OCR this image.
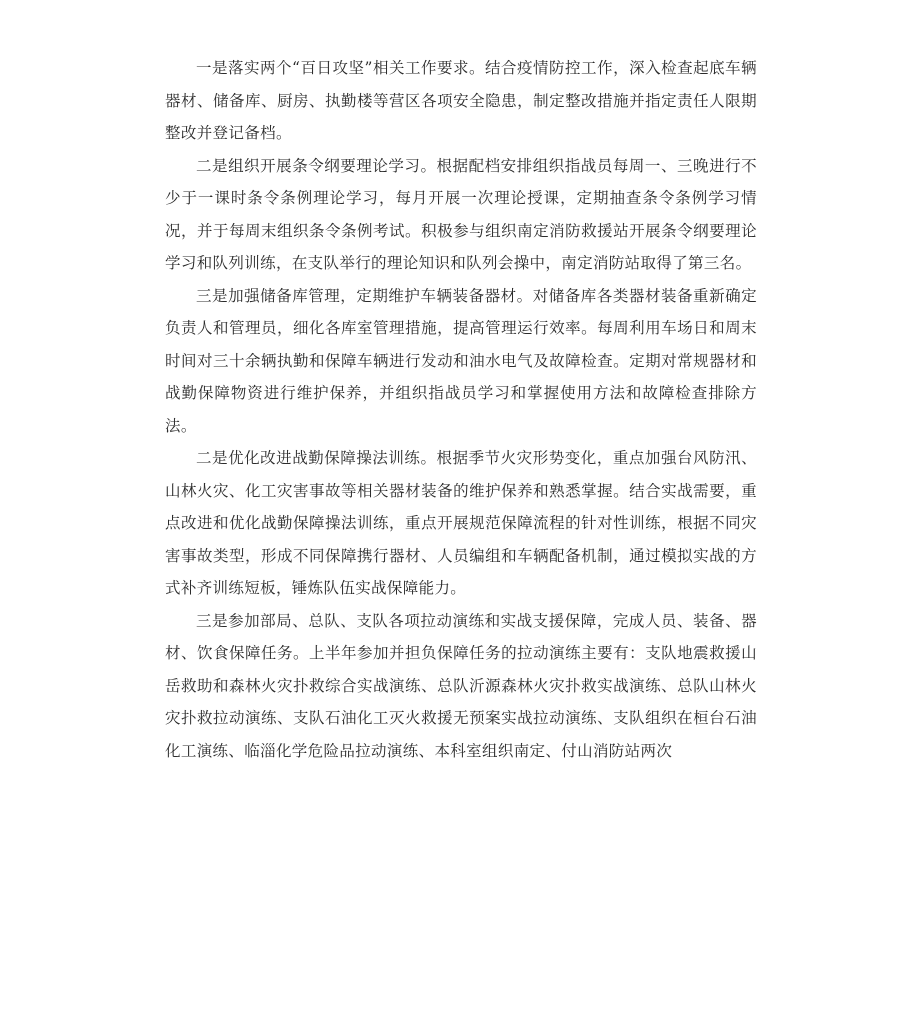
一是落实两个“百日攻坚”相关工作要求。结合疫情防控工作，深入检查起底车辆器材、储备库、厨房、执勤楼等营区各项安全隐患，制定整改措施并指定责任人限期整改并登记备档。

二是组织开展条令纲要理论学习。根据配档安排组织指战员每周一、三晚进行不少于一课时条令条例理论学习，每月开展一次理论授课，定期抽查条令条例学习情况，并于每周末组织条令条例考试。积极参与组织南定消防救援站开展条令纲要理论学习和队列训练，在支队举行的理论知识和队列会操中，南定消防站取得了第三名。

三是加强储备库管理，定期维护车辆装备器材。对储备库各类器材装备重新确定负责人和管理员，细化各库室管理措施，提高管理运行效率。每周利用车场日和周末时间对三十余辆执勤和保障车辆进行发动和油水电气及故障检查。定期对常规器材和战勤保障物资进行维护保养，并组织指战员学习和掌握使用方法和故障检查排除方法。

二是优化改进战勤保障操法训练。根据季节火灾形势变化，重点加强台风防汛、山林火灾、化工灾害事故等相关器材装备的维护保养和熟悉掌握。结合实战需要，重点改进和优化战勤保障操法训练，重点开展规范保障流程的针对性训练，根据不同灾害事故类型，形成不同保障携行器材、人员编组和车辆配备机制，通过模拟实战的方式补齐训练短板，锤炼队伍实战保障能力。

三是参加部局、总队、支队各项拉动演练和实战支援保障，完成人员、装备、器材、饮食保障任务。上半年参加并担负保障任务的拉动演练主要有：支队地震救援山岳救助和森林火灾扑救综合实战演练、总队沂源森林火灾扑救实战演练、总队山林火灾扑救拉动演练、支队石油化工灭火救援无预案实战拉动演练、支队组织在桓台石油化工演练、临淄化学危险品拉动演练、本科室组织南定、付山消防站两次
